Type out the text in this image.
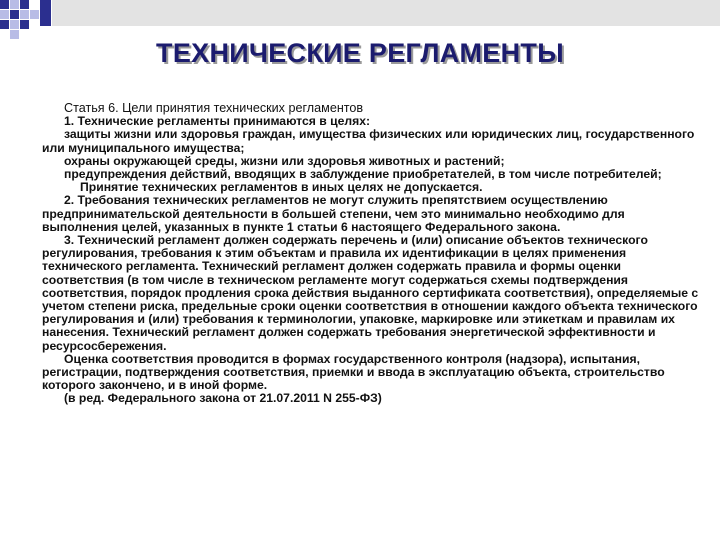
ТЕХНИЧЕСКИЕ РЕГЛАМЕНТЫ

Статья 6. Цели принятия технических регламентов

1. Технические регламенты принимаются в целях:

защиты жизни или здоровья граждан, имущества физических или юридических лиц, государственного или муниципального имущества;

охраны окружающей среды, жизни или здоровья животных и растений;

предупреждения действий, вводящих в заблуждение приобретателей, в том числе потребителей;

Принятие технических регламентов в иных целях не допускается.

2. Требования технических регламентов не могут служить препятствием осуществлению предпринимательской деятельности в большей степени, чем это минимально необходимо для выполнения целей, указанных в пункте 1 статьи 6 настоящего Федерального закона.

3. Технический регламент должен содержать перечень и (или) описание объектов технического регулирования, требования к этим объектам и правила их идентификации в целях применения технического регламента. Технический регламент должен содержать правила и формы оценки соответствия (в том числе в техническом регламенте могут содержаться схемы подтверждения соответствия, порядок продления срока действия выданного сертификата соответствия), определяемые с учетом степени риска, предельные сроки оценки соответствия в отношении каждого объекта технического регулирования и (или) требования к терминологии, упаковке, маркировке или этикеткам и правилам их нанесения. Технический регламент должен содержать требования энергетической эффективности и ресурсосбережения.

Оценка соответствия проводится в формах государственного контроля (надзора), испытания, регистрации, подтверждения соответствия, приемки и ввода в эксплуатацию объекта, строительство которого закончено, и в иной форме.

(в ред. Федерального закона от 21.07.2011 N 255-ФЗ)
